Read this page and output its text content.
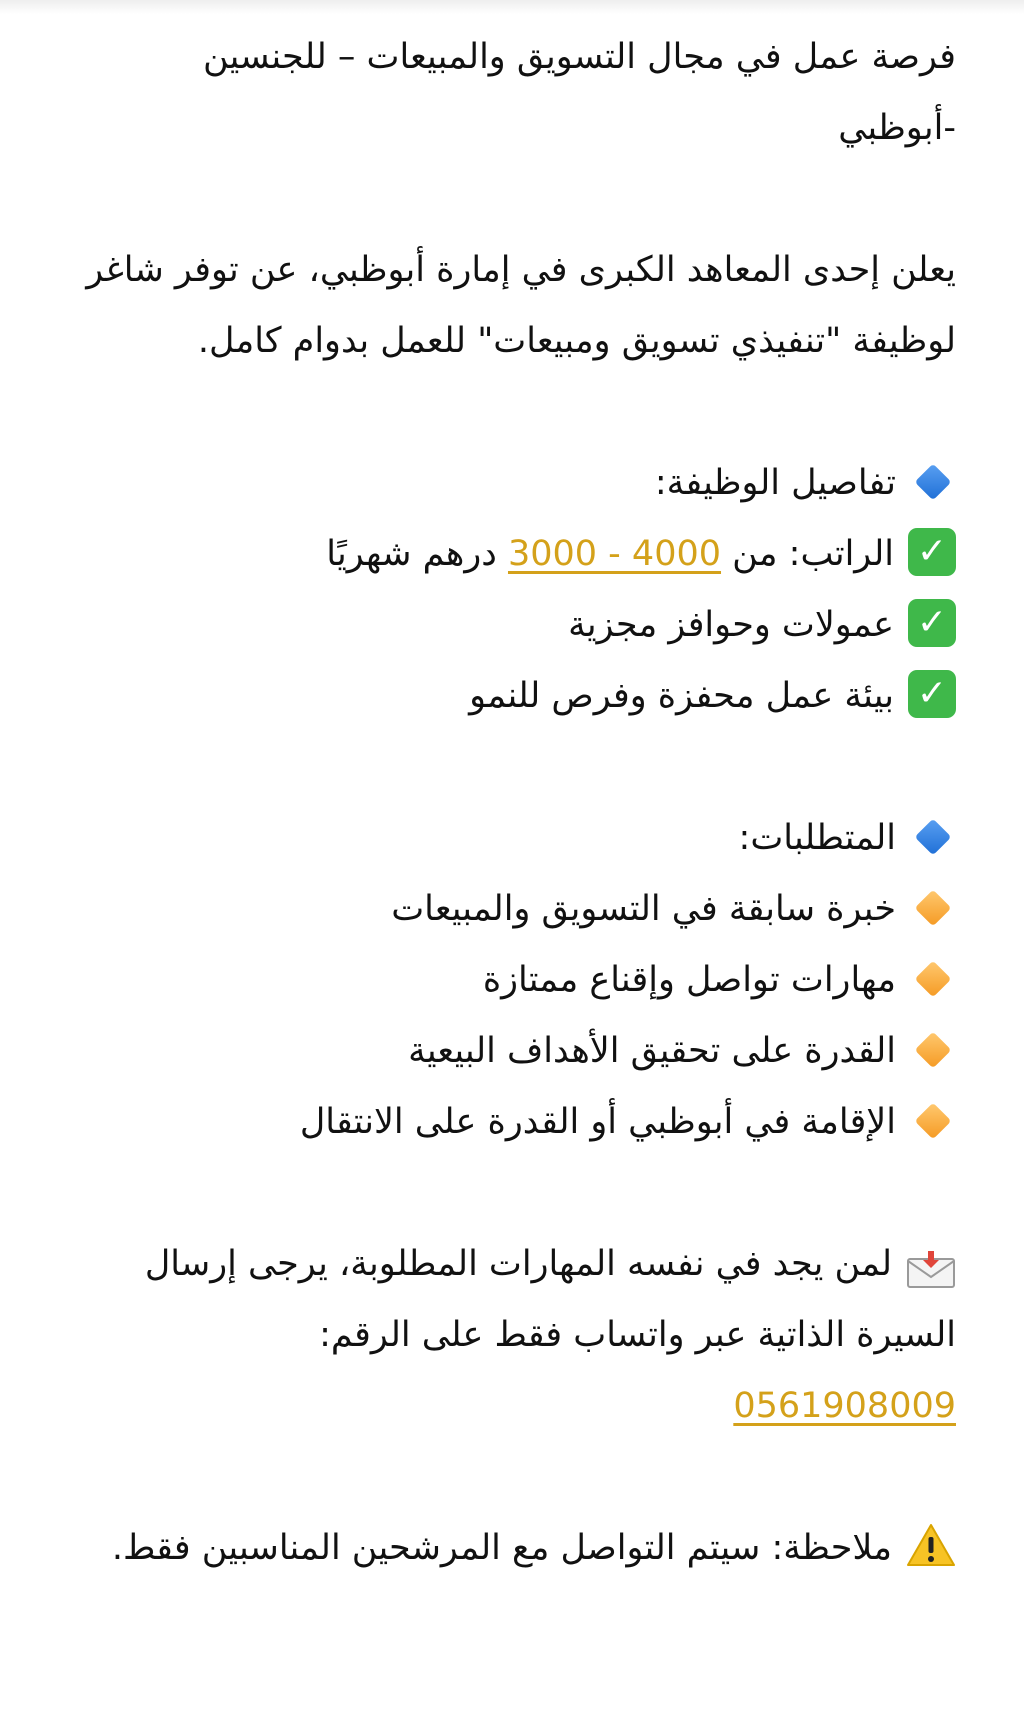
فرصة عمل في مجال التسويق والمبيعات – للجنسين
-أبوظبي
يعلن إحدى المعاهد الكبرى في إمارة أبوظبي، عن توفر شاغر لوظيفة "تنفيذي تسويق ومبيعات" للعمل بدوام كامل.
تفاصيل الوظيفة:
✓الراتب: من 3000 - 4000 درهم شهريًا
✓عمولات وحوافز مجزية
✓بيئة عمل محفزة وفرص للنمو
المتطلبات:
خبرة سابقة في التسويق والمبيعات
مهارات تواصل وإقناع ممتازة
القدرة على تحقيق الأهداف البيعية
الإقامة في أبوظبي أو القدرة على الانتقال
لمن يجد في نفسه المهارات المطلوبة، يرجى إرسال السيرة الذاتية عبر واتساب فقط على الرقم:
0561908009
ملاحظة: سيتم التواصل مع المرشحين المناسبين فقط.
